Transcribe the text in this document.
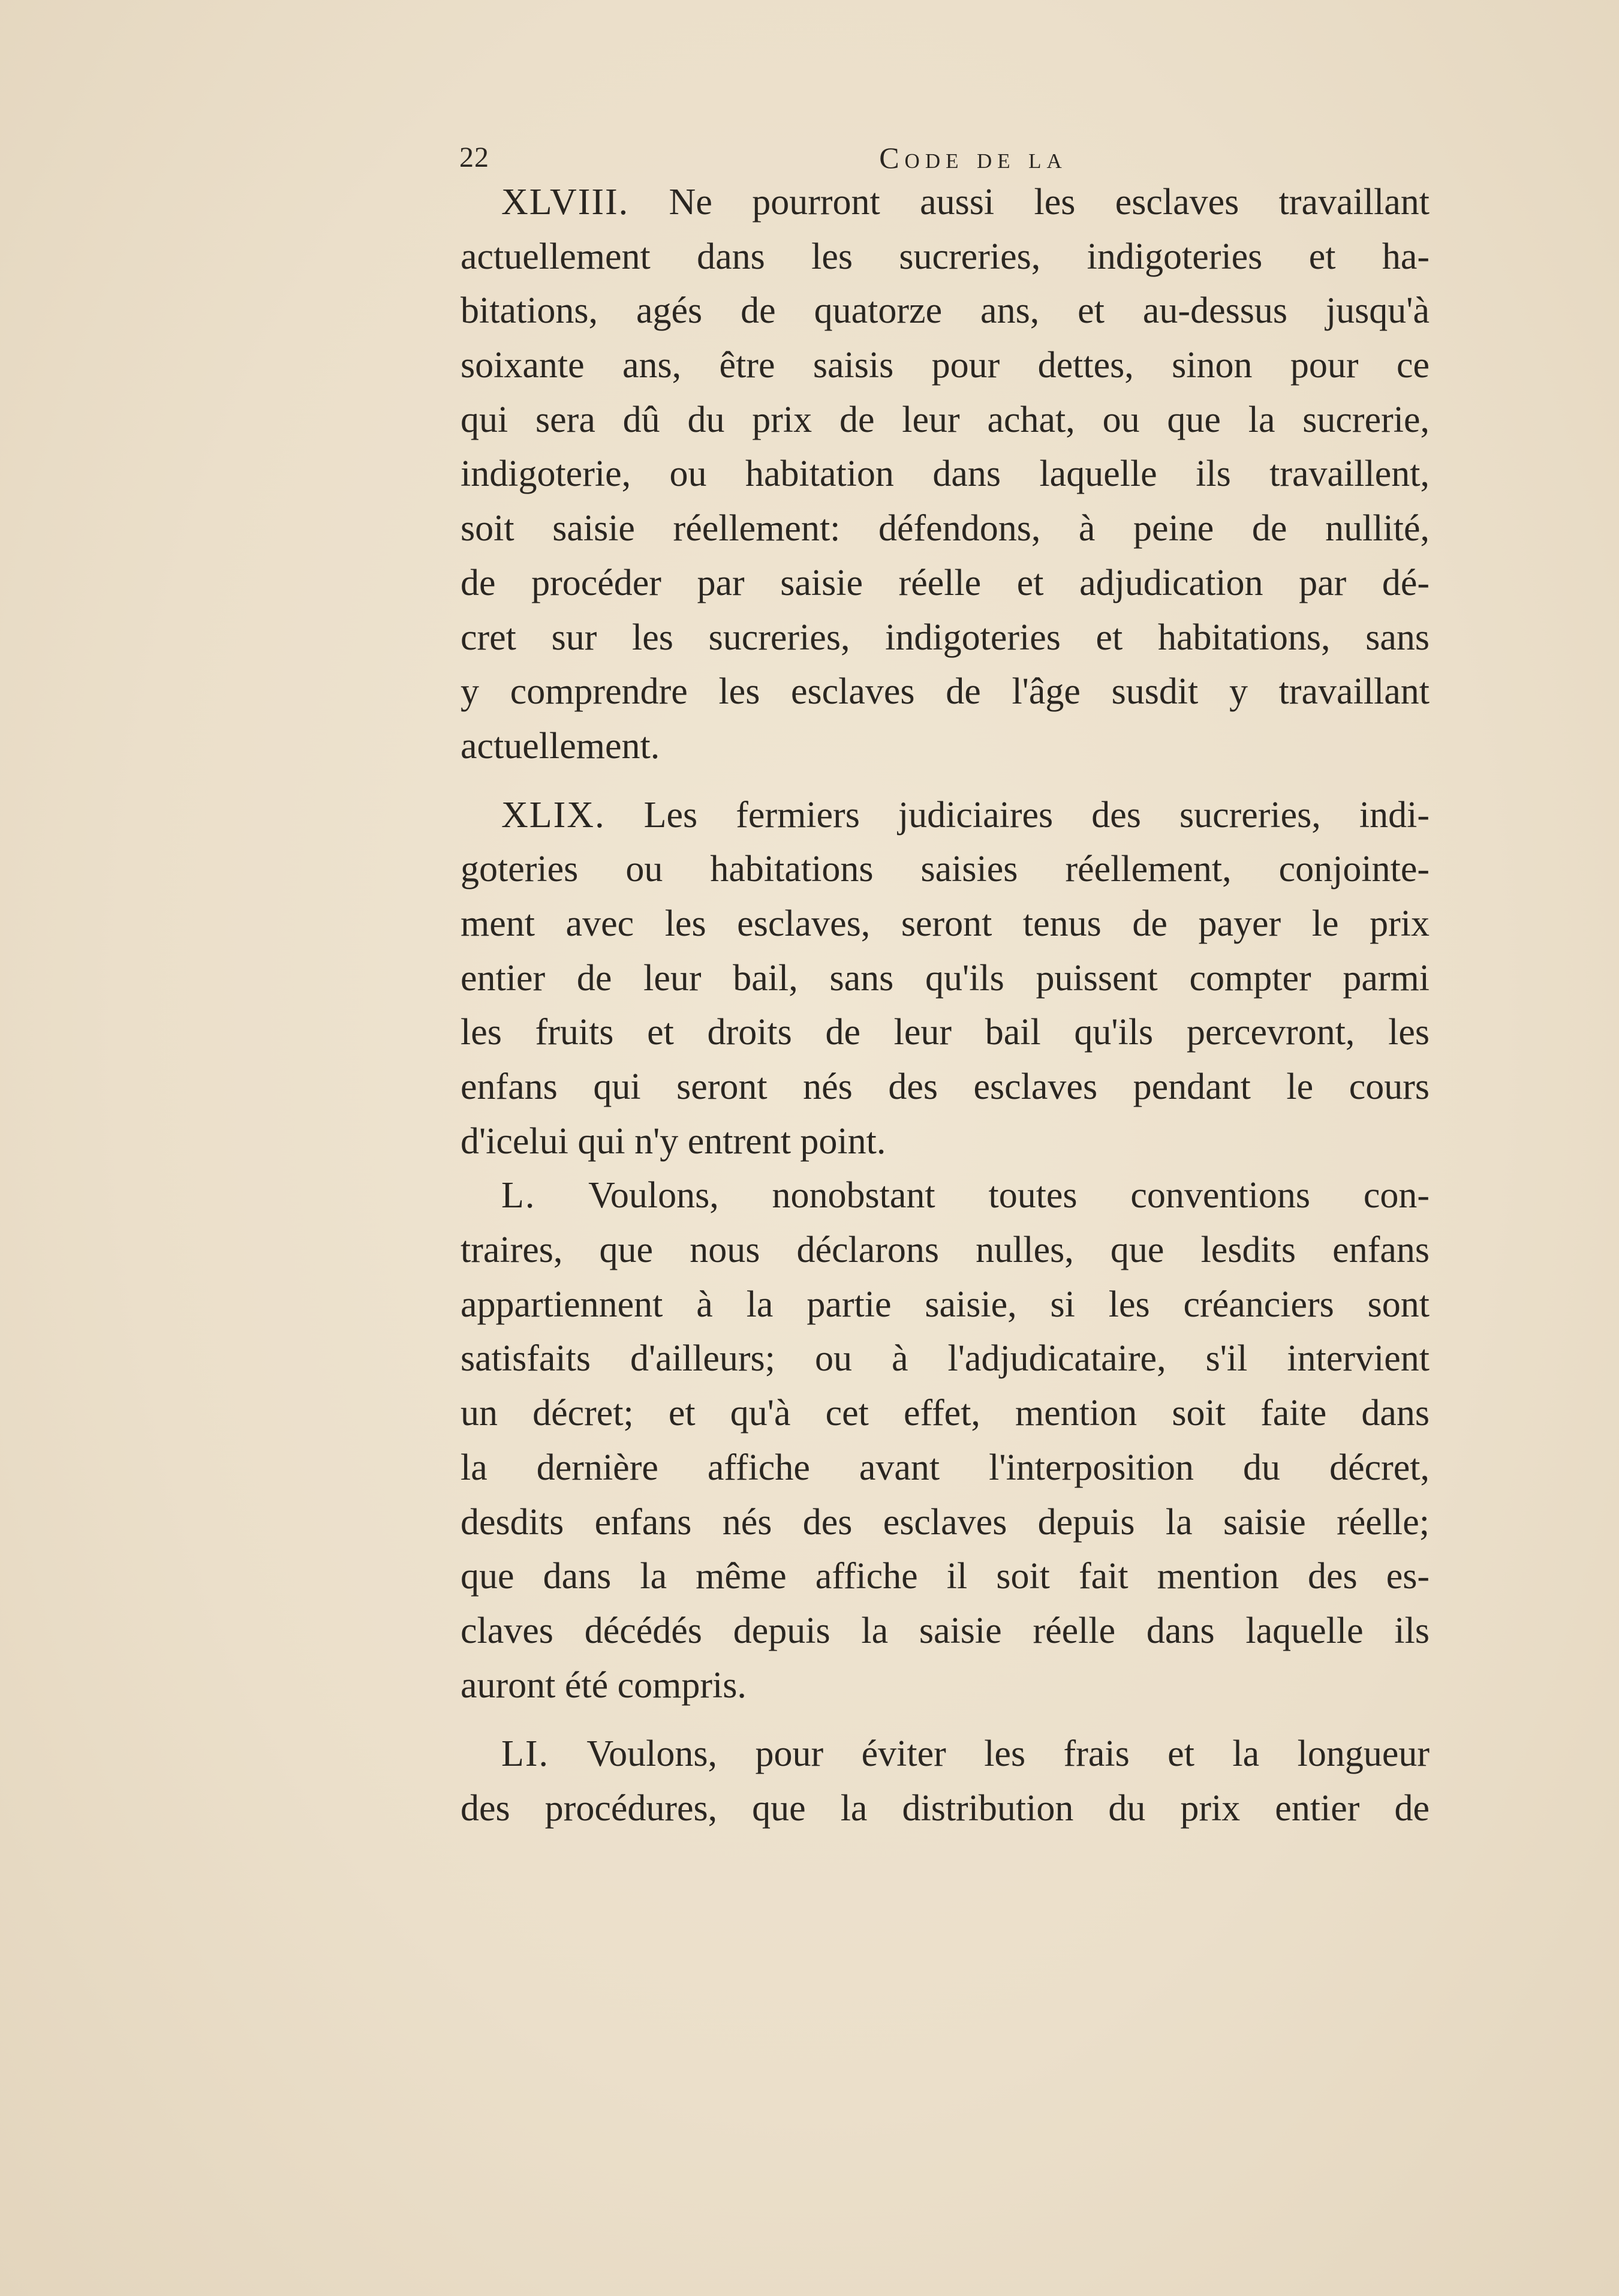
22	Code de la
XLVIII. Ne pourront aussi les esclaves travaillant
actuellement dans les sucreries, indigoteries et ha-
bitations, agés de quatorze ans, et au-dessus jusqu'à
soixante ans, être saisis pour dettes, sinon pour ce
qui sera dû du prix de leur achat, ou que la sucrerie,
indigoterie, ou habitation dans laquelle ils travaillent,
soit saisie réellement: défendons, à peine de nullité,
de procéder par saisie réelle et adjudication par dé-
cret sur les sucreries, indigoteries et habitations, sans
y comprendre les esclaves de l'âge susdit y travaillant
actuellement.
XLIX. Les fermiers judiciaires des sucreries, indi-
goteries ou habitations saisies réellement, conjointe-
ment avec les esclaves, seront tenus de payer le prix
entier de leur bail, sans qu'ils puissent compter parmi
les fruits et droits de leur bail qu'ils percevront, les
enfans qui seront nés des esclaves pendant le cours
d'icelui qui n'y entrent point.
L. Voulons, nonobstant toutes conventions con-
traires, que nous déclarons nulles, que lesdits enfans
appartiennent à la partie saisie, si les créanciers sont
satisfaits d'ailleurs; ou à l'adjudicataire, s'il intervient
un décret; et qu'à cet effet, mention soit faite dans
la dernière affiche avant l'interposition du décret,
desdits enfans nés des esclaves depuis la saisie réelle;
que dans la même affiche il soit fait mention des es-
claves décédés depuis la saisie réelle dans laquelle ils
auront été compris.
LI. Voulons, pour éviter les frais et la longueur
des procédures, que la distribution du prix entier de
